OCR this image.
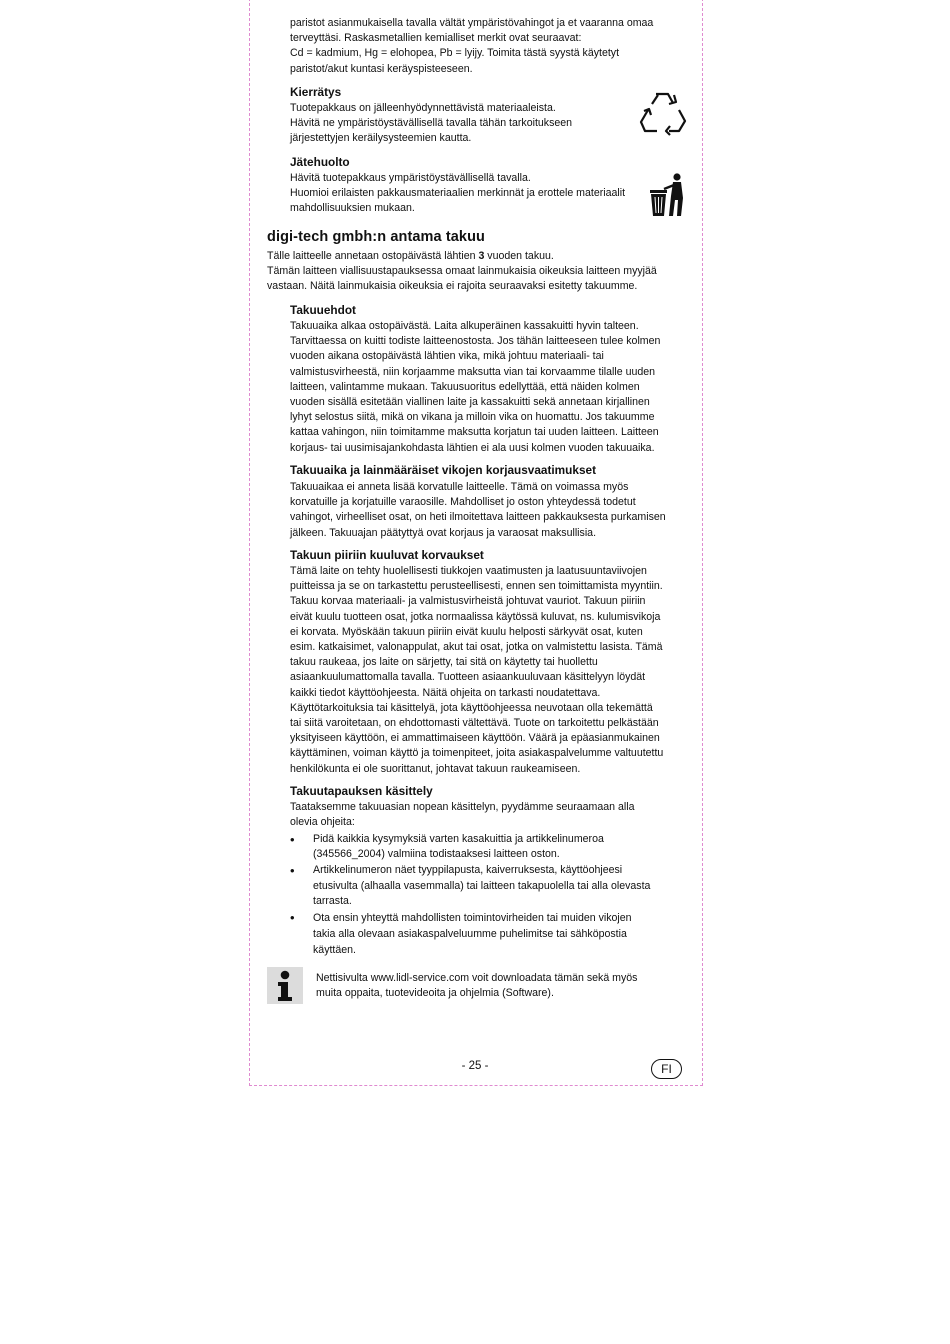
paristot asianmukaisella tavalla vältät ympäristövahingot ja et vaaranna omaa

terveyttäsi. Raskasmetallien kemialliset merkit ovat seuraavat:

Cd = kadmium, Hg = elohopea, Pb = lyijy. Toimita tästä syystä käytetyt

paristot/akut kuntasi keräyspisteeseen.

Kierrätys

Tuotepakkaus on jälleenhyödynnettävistä materiaaleista.

Hävitä ne ympäristöystävällisellä tavalla tähän tarkoitukseen

järjestettyjen keräilysysteemien kautta.

Jätehuolto

Hävitä tuotepakkaus ympäristöystävällisellä tavalla.

Huomioi erilaisten pakkausmateriaalien merkinnät ja erottele materiaalit

mahdollisuuksien mukaan.

digi-tech gmbh:n antama takuu

Tälle laitteelle annetaan ostopäivästä lähtien 3 vuoden takuu.

Tämän laitteen viallisuustapauksessa omaat lainmukaisia oikeuksia laitteen myyjää

vastaan. Näitä lainmukaisia oikeuksia ei rajoita seuraavaksi esitetty takuumme.

Takuuehdot

Takuuaika alkaa ostopäivästä. Laita alkuperäinen kassakuitti hyvin talteen.

Tarvittaessa on kuitti todiste laitteenostosta. Jos tähän laitteeseen tulee kolmen

vuoden aikana ostopäivästä lähtien vika, mikä johtuu materiaali- tai

valmistusvirheestä, niin korjaamme maksutta vian tai korvaamme tilalle uuden

laitteen, valintamme mukaan. Takuusuoritus edellyttää, että näiden kolmen

vuoden sisällä esitetään viallinen laite ja kassakuitti sekä annetaan kirjallinen

lyhyt selostus siitä, mikä on vikana ja milloin vika on huomattu. Jos takuumme

kattaa vahingon, niin toimitamme maksutta korjatun tai uuden laitteen. Laitteen

korjaus- tai uusimisajankohdasta lähtien ei ala uusi kolmen vuoden takuuaika.

Takuuaika ja lainmääräiset vikojen korjausvaatimukset

Takuuaikaa ei anneta lisää korvatulle laitteelle. Tämä on voimassa myös

korvatuille ja korjatuille varaosille. Mahdolliset jo oston yhteydessä todetut

vahingot, virheelliset osat, on heti ilmoitettava laitteen pakkauksesta purkamisen

jälkeen. Takuuajan päätyttyä ovat korjaus ja varaosat maksullisia.

Takuun piiriin kuuluvat korvaukset

Tämä laite on tehty huolellisesti tiukkojen vaatimusten ja laatusuuntaviivojen

puitteissa ja se on tarkastettu perusteellisesti, ennen sen toimittamista myyntiin.

Takuu korvaa materiaali- ja valmistusvirheistä johtuvat vauriot. Takuun piiriin

eivät kuulu tuotteen osat, jotka normaalissa käytössä kuluvat, ns. kulumisvikoja

ei korvata. Myöskään takuun piiriin eivät kuulu helposti särkyvät osat, kuten

esim. katkaisimet, valonappulat, akut tai osat, jotka on valmistettu lasista. Tämä

takuu raukeaa, jos laite on särjetty, tai sitä on käytetty tai huollettu

asiaankuulumattomalla tavalla. Tuotteen asiaankuuluvaan käsittelyyn löydät

kaikki tiedot käyttöohjeesta. Näitä ohjeita on tarkasti noudatettava.

Käyttötarkoituksia tai käsittelyä, jota käyttöohjeessa neuvotaan olla tekemättä

tai siitä varoitetaan, on ehdottomasti vältettävä. Tuote on tarkoitettu pelkästään

yksityiseen käyttöön, ei ammattimaiseen käyttöön. Väärä ja epäasianmukainen

käyttäminen, voiman käyttö ja toimenpiteet, joita asiakaspalvelumme valtuutettu

henkilökunta ei ole suorittanut, johtavat takuun raukeamiseen.

Takuutapauksen käsittely

Taataksemme takuuasian nopean käsittelyn, pyydämme seuraamaan alla

olevia ohjeita:

• Pidä kaikkia kysymyksiä varten kasakuittia ja artikkelinumeroa

(345566_2004) valmiina todistaaksesi laitteen oston.

• Artikkelinumeron näet tyyppilapusta, kaiverruksesta, käyttöohjeesi

etusivulta (alhaalla vasemmalla) tai laitteen takapuolella tai alla olevasta

tarrasta.

• Ota ensin yhteyttä mahdollisten toimintovirheiden tai muiden vikojen

takia alla olevaan asiakaspalveluumme puhelimitse tai sähköpostia

käyttäen.

Nettisivulta www.lidl-service.com voit downloadata tämän sekä myös

muita oppaita, tuotevideoita ja ohjelmia (Software).

- 25 -	FI
